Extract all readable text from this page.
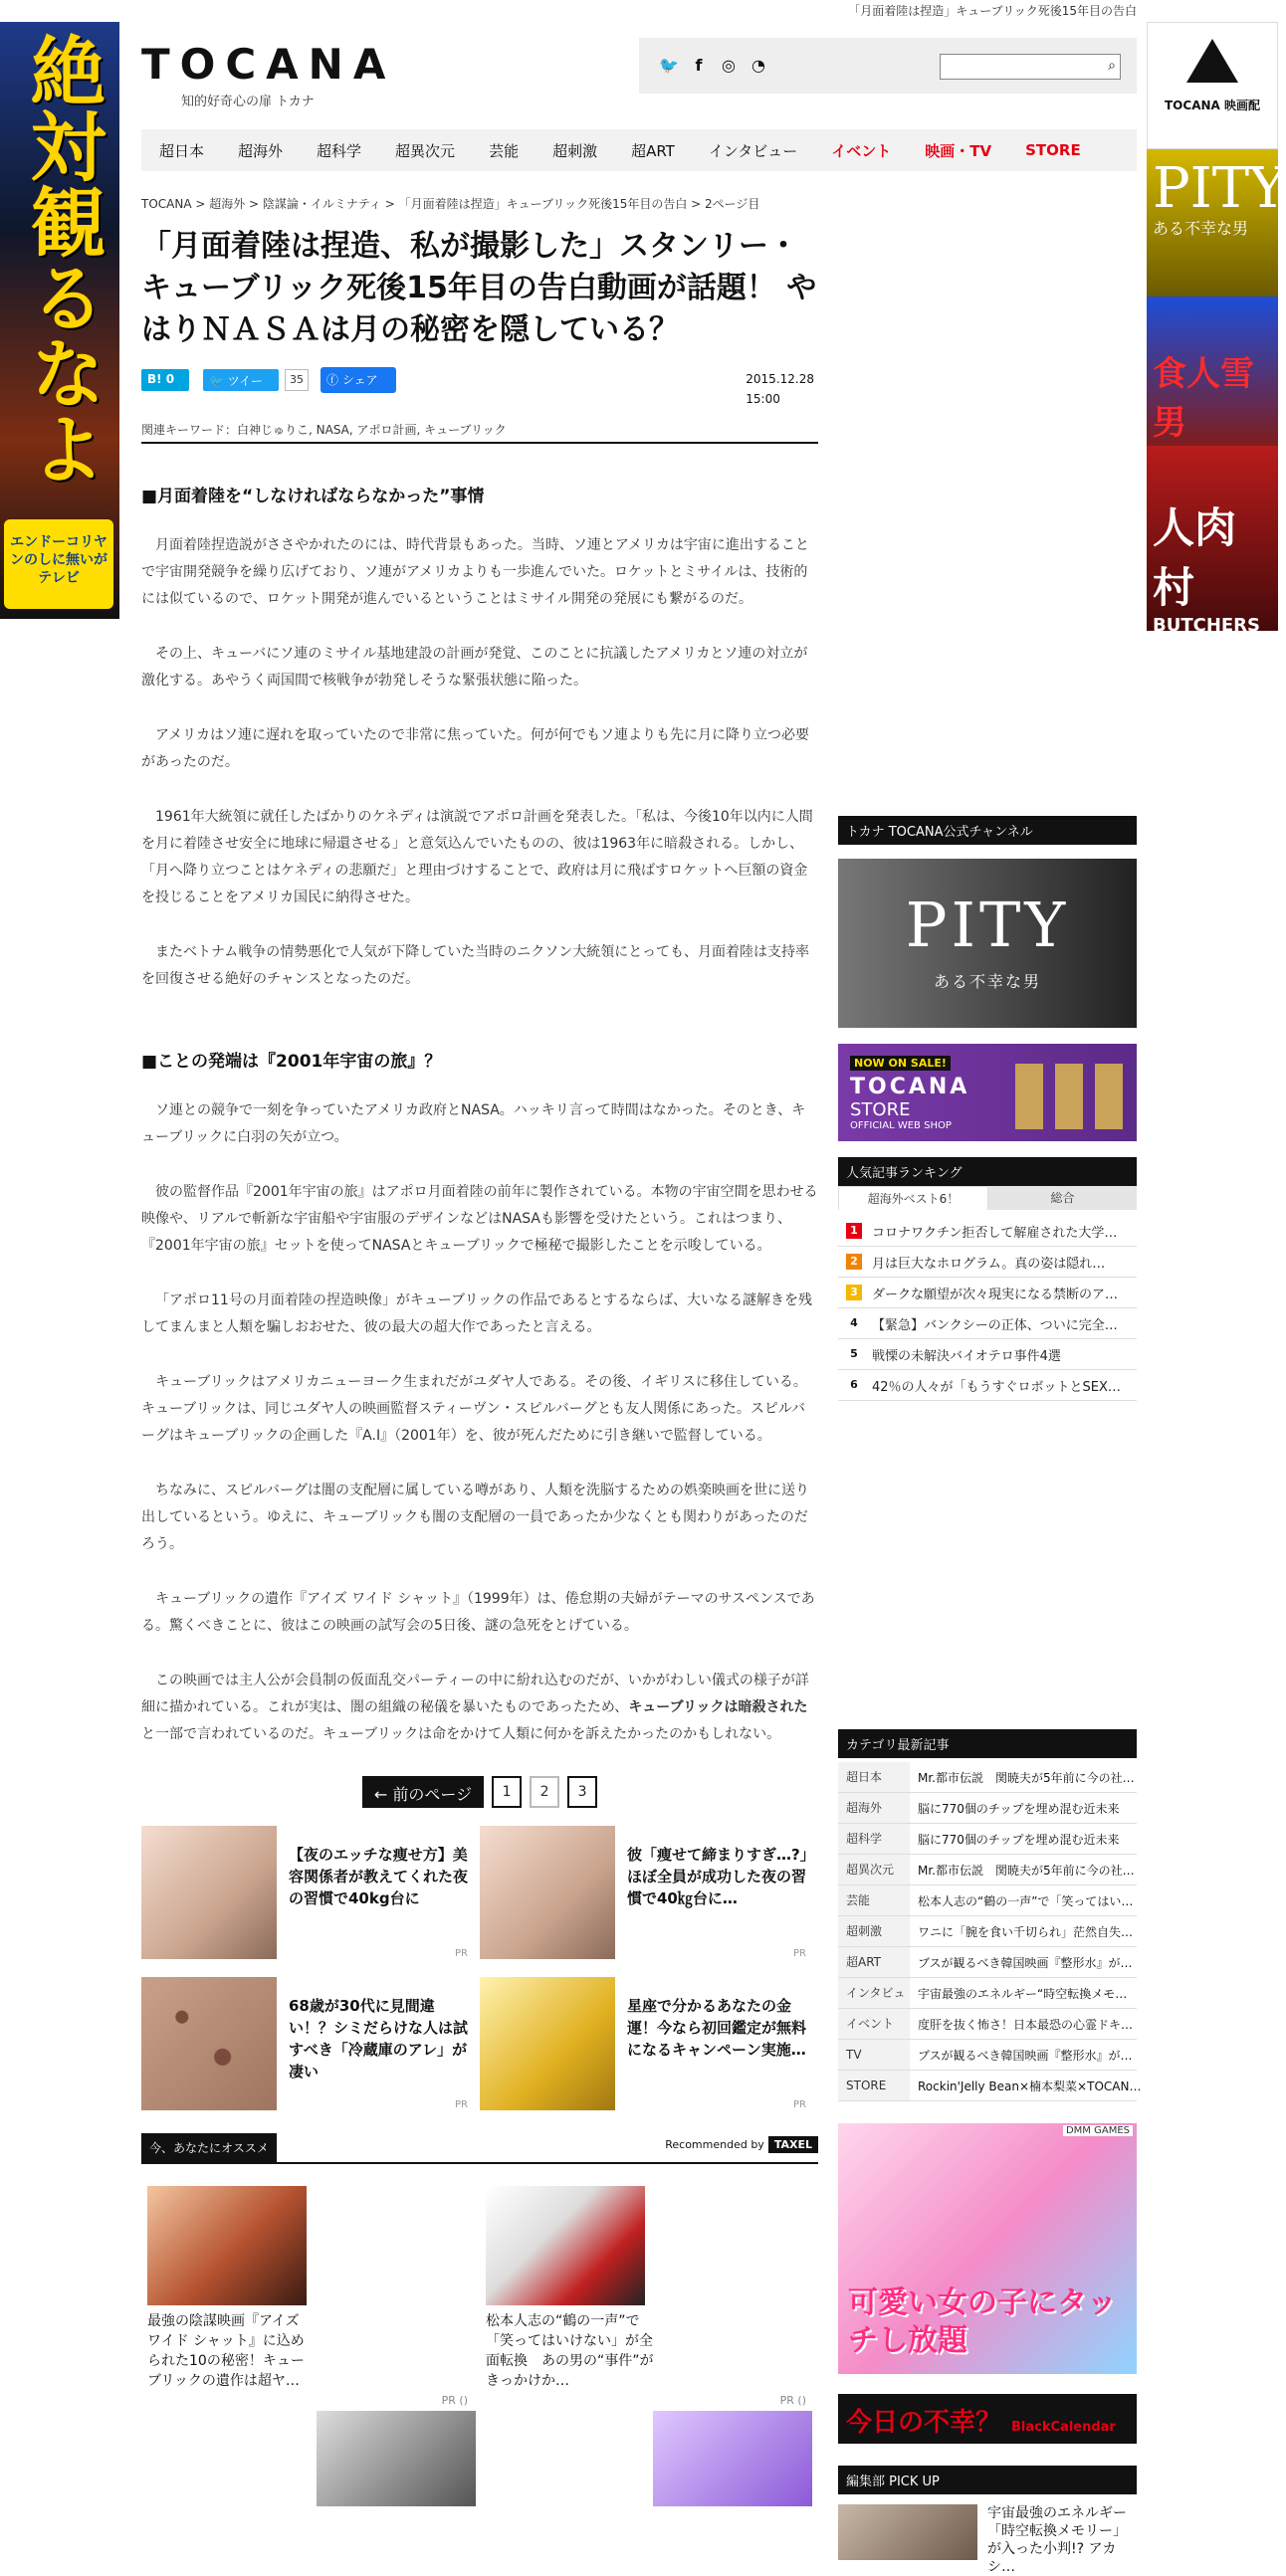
「月面着陸は捏造」キューブリック死後15年目の告白
絶対観るなよ
エンドーコリヤンのしに無いがテレビ
TOCANA 映画配
PITY
ある不幸な男
食人雪男
人肉村
BUTCHERS
TOCANA
知的好奇心の扉 トカナ
🐦	f	◎ ◔	⌕
超日本 超海外 超科学 超異次元 芸能 超刺激 超ART インタビュー イベント 映画・TV STORE
TOCANA > 超海外 > 陰謀論・イルミナティ > 「月面着陸は捏造」キューブリック死後15年目の告白 > 2ページ目
「月面着陸は捏造、私が撮影した」スタンリー・キューブリック死後15年目の告白動画が話題！ やはりＮＡＳＡは月の秘密を隠している？
B! 0	🐦 ツイート
35	ⓕ シェア	2015.12.28
15:00
関連キーワード：白神じゅりこ, NASA, アポロ計画, キューブリック
■月面着陸を“しなければならなかった”事情

月面着陸捏造説がささやかれたのには、時代背景もあった。当時、ソ連とアメリカは宇宙に進出することで宇宙開発競争を繰り広げており、ソ連がアメリカよりも一歩進んでいた。ロケットとミサイルは、技術的には似ているので、ロケット開発が進んでいるということはミサイル開発の発展にも繋がるのだ。

その上、キューバにソ連のミサイル基地建設の計画が発覚、このことに抗議したアメリカとソ連の対立が激化する。あやうく両国間で核戦争が勃発しそうな緊張状態に陥った。

アメリカはソ連に遅れを取っていたので非常に焦っていた。何が何でもソ連よりも先に月に降り立つ必要があったのだ。

1961年大統領に就任したばかりのケネディは演説でアポロ計画を発表した。「私は、今後10年以内に人間を月に着陸させ安全に地球に帰還させる」と意気込んでいたものの、彼は1963年に暗殺される。しかし、「月へ降り立つことはケネディの悲願だ」と理由づけすることで、政府は月に飛ばすロケットへ巨額の資金を投じることをアメリカ国民に納得させた。

またベトナム戦争の情勢悪化で人気が下降していた当時のニクソン大統領にとっても、月面着陸は支持率を回復させる絶好のチャンスとなったのだ。

■ことの発端は『2001年宇宙の旅』？

ソ連との競争で一刻を争っていたアメリカ政府とNASA。ハッキリ言って時間はなかった。そのとき、キューブリックに白羽の矢が立つ。

彼の監督作品『2001年宇宙の旅』はアポロ月面着陸の前年に製作されている。本物の宇宙空間を思わせる映像や、リアルで斬新な宇宙船や宇宙服のデザインなどはNASAも影響を受けたという。これはつまり、『2001年宇宙の旅』セットを使ってNASAとキューブリックで極秘で撮影したことを示唆している。

「アポロ11号の月面着陸の捏造映像」がキューブリックの作品であるとするならば、大いなる謎解きを残してまんまと人類を騙しおおせた、彼の最大の超大作であったと言える。

キューブリックはアメリカニューヨーク生まれだがユダヤ人である。その後、イギリスに移住している。キューブリックは、同じユダヤ人の映画監督スティーヴン・スピルバーグとも友人関係にあった。スピルバーグはキューブリックの企画した『A.I』（2001年）を、彼が死んだために引き継いで監督している。

ちなみに、スピルバーグは闇の支配層に属している噂があり、人類を洗脳するための娯楽映画を世に送り出しているという。ゆえに、キューブリックも闇の支配層の一員であったか少なくとも関わりがあったのだろう。

キューブリックの遺作『アイズ ワイド シャット』（1999年）は、倦怠期の夫婦がテーマのサスペンスである。驚くべきことに、彼はこの映画の試写会の5日後、謎の急死をとげている。

この映画では主人公が会員制の仮面乱交パーティーの中に紛れ込むのだが、いかがわしい儀式の様子が詳細に描かれている。これが実は、闇の組織の秘儀を暴いたものであったため、キューブリックは暗殺されたと一部で言われているのだ。キューブリックは命をかけて人類に何かを訴えたかったのかもしれない。

← 前のページ	1	2	3
【夜のエッチな痩せ方】美容関係者が教えてくれた夜の習慣で40kg台に
PR
彼「痩せて締まりすぎ…?」ほぼ全員が成功した夜の習慣で40㎏台に…
PR
68歳が30代に見間違い！？シミだらけな人は試すべき「冷蔵庫のアレ」が凄い
PR
星座で分かるあなたの金運！今なら初回鑑定が無料になるキャンペーン実施…
PR
今、あなたにオススメ	Recommended by TAXEL
最強の陰謀映画『アイズ ワイド シャット』に込められた10の秘密！キューブリックの遺作は超ヤ…
PR ()
松本人志の“鶴の一声”で「笑ってはいけない」が全面転換　あの男の“事件”がきっかけか…
PR ()
トカナ TOCANA公式チャンネル
PITY
ある不幸な男
NOW ON SALE!
TOCANA
STORE
OFFICIAL WEB SHOP
人気記事ランキング
超海外ベスト6！	総合
1	コロナワクチン拒否して解雇された大学…
2	月は巨大なホログラム。真の姿は隠れ…
3	ダークな願望が次々現実になる禁断のア…
4	【緊急】バンクシーの正体、ついに完全…
5	戦慄の未解決バイオテロ事件4選
6	42％の人々が「もうすぐロボットとSEX…
カテゴリ最新記事
超日本	Mr.都市伝説　関暁夫が5年前に今の社…
超海外	脳に770個のチップを埋め混む近未来
超科学	脳に770個のチップを埋め混む近未来
超異次元	Mr.都市伝説　関暁夫が5年前に今の社…
芸能	松本人志の“鶴の一声”で「笑ってはい…
超刺激	ワニに「腕を食い千切られ」茫然自失…
超ART	ブスが観るべき韓国映画『整形水』が…
インタビュ	宇宙最強のエネルギー“時空転換メモ…
イベント	度肝を抜く怖さ！日本最恐の心霊ドキ…
TV	ブスが観るべき韓国映画『整形水』が…
STORE	Rockin'Jelly Bean×楠本梨菜×TOCAN…
DMM GAMES
可愛い女の子にタッチし放題
今日の不幸？ BlackCalendar
編集部 PICK UP
宇宙最強のエネルギー「時空転換メモリー」が入った小判!? アカシ…
